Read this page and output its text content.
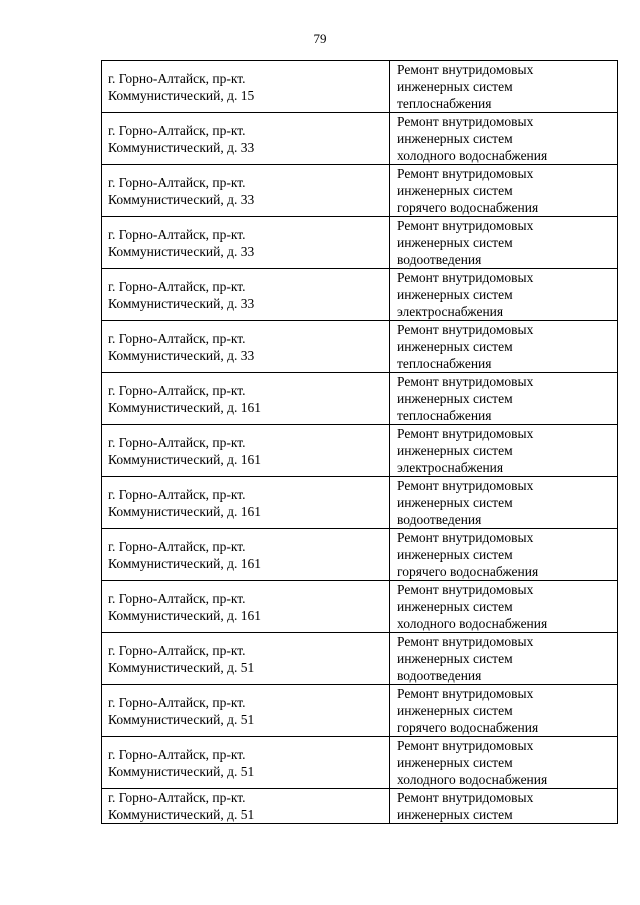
79
г. Горно-Алтайск, пр-кт.
Коммунистический, д. 15	Ремонт внутридомовых
инженерных систем
теплоснабжения

г. Горно-Алтайск, пр-кт.
Коммунистический, д. 33	Ремонт внутридомовых
инженерных систем
холодного водоснабжения

г. Горно-Алтайск, пр-кт.
Коммунистический, д. 33	Ремонт внутридомовых
инженерных систем
горячего водоснабжения

г. Горно-Алтайск, пр-кт.
Коммунистический, д. 33	Ремонт внутридомовых
инженерных систем
водоотведения

г. Горно-Алтайск, пр-кт.
Коммунистический, д. 33	Ремонт внутридомовых
инженерных систем
электроснабжения

г. Горно-Алтайск, пр-кт.
Коммунистический, д. 33	Ремонт внутридомовых
инженерных систем
теплоснабжения

г. Горно-Алтайск, пр-кт.
Коммунистический, д. 161	Ремонт внутридомовых
инженерных систем
теплоснабжения

г. Горно-Алтайск, пр-кт.
Коммунистический, д. 161	Ремонт внутридомовых
инженерных систем
электроснабжения

г. Горно-Алтайск, пр-кт.
Коммунистический, д. 161	Ремонт внутридомовых
инженерных систем
водоотведения

г. Горно-Алтайск, пр-кт.
Коммунистический, д. 161	Ремонт внутридомовых
инженерных систем
горячего водоснабжения

г. Горно-Алтайск, пр-кт.
Коммунистический, д. 161	Ремонт внутридомовых
инженерных систем
холодного водоснабжения

г. Горно-Алтайск, пр-кт.
Коммунистический, д. 51	Ремонт внутридомовых
инженерных систем
водоотведения

г. Горно-Алтайск, пр-кт.
Коммунистический, д. 51	Ремонт внутридомовых
инженерных систем
горячего водоснабжения

г. Горно-Алтайск, пр-кт.
Коммунистический, д. 51	Ремонт внутридомовых
инженерных систем
холодного водоснабжения

г. Горно-Алтайск, пр-кт.
Коммунистический, д. 51	Ремонт внутридомовых
инженерных систем
